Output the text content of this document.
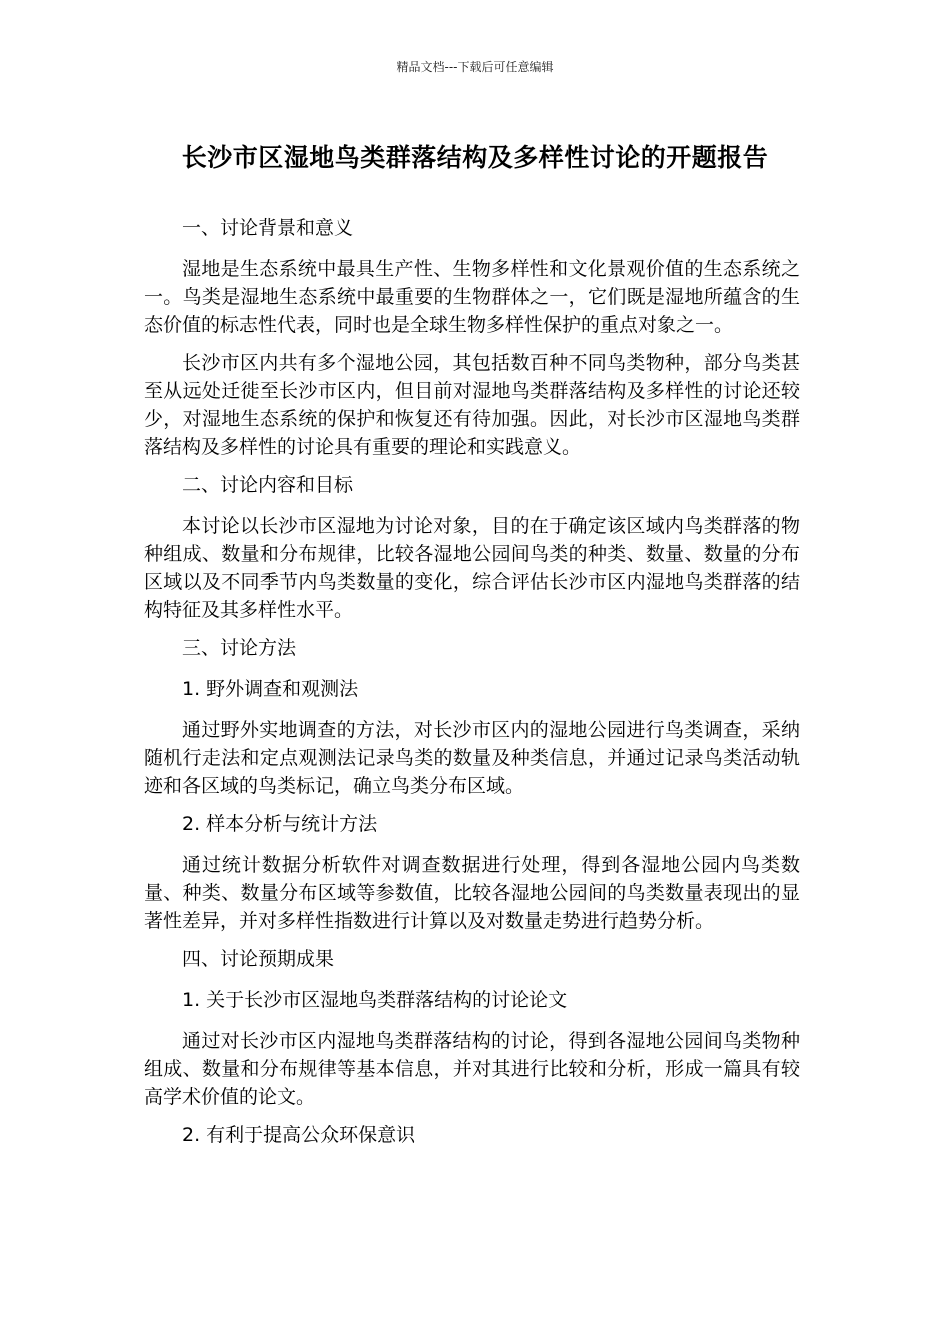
精品文档---下载后可任意编辑
长沙市区湿地鸟类群落结构及多样性讨论的开题报告
一、讨论背景和意义

湿地是生态系统中最具生产性、生物多样性和文化景观价值的生态系统之一。鸟类是湿地生态系统中最重要的生物群体之一，它们既是湿地所蕴含的生态价值的标志性代表，同时也是全球生物多样性保护的重点对象之一。

长沙市区内共有多个湿地公园，其包括数百种不同鸟类物种，部分鸟类甚至从远处迁徙至长沙市区内，但目前对湿地鸟类群落结构及多样性的讨论还较少，对湿地生态系统的保护和恢复还有待加强。因此，对长沙市区湿地鸟类群落结构及多样性的讨论具有重要的理论和实践意义。

二、讨论内容和目标

本讨论以长沙市区湿地为讨论对象，目的在于确定该区域内鸟类群落的物种组成、数量和分布规律，比较各湿地公园间鸟类的种类、数量、数量的分布区域以及不同季节内鸟类数量的变化，综合评估长沙市区内湿地鸟类群落的结构特征及其多样性水平。

三、讨论方法
1. 野外调查和观测法

通过野外实地调查的方法，对长沙市区内的湿地公园进行鸟类调查，采纳随机行走法和定点观测法记录鸟类的数量及种类信息，并通过记录鸟类活动轨迹和各区域的鸟类标记，确立鸟类分布区域。

2. 样本分析与统计方法

通过统计数据分析软件对调查数据进行处理，得到各湿地公园内鸟类数量、种类、数量分布区域等参数值，比较各湿地公园间的鸟类数量表现出的显著性差异，并对多样性指数进行计算以及对数量走势进行趋势分析。

四、讨论预期成果
1. 关于长沙市区湿地鸟类群落结构的讨论论文

通过对长沙市区内湿地鸟类群落结构的讨论，得到各湿地公园间鸟类物种组成、数量和分布规律等基本信息，并对其进行比较和分析，形成一篇具有较高学术价值的论文。

2. 有利于提高公众环保意识
